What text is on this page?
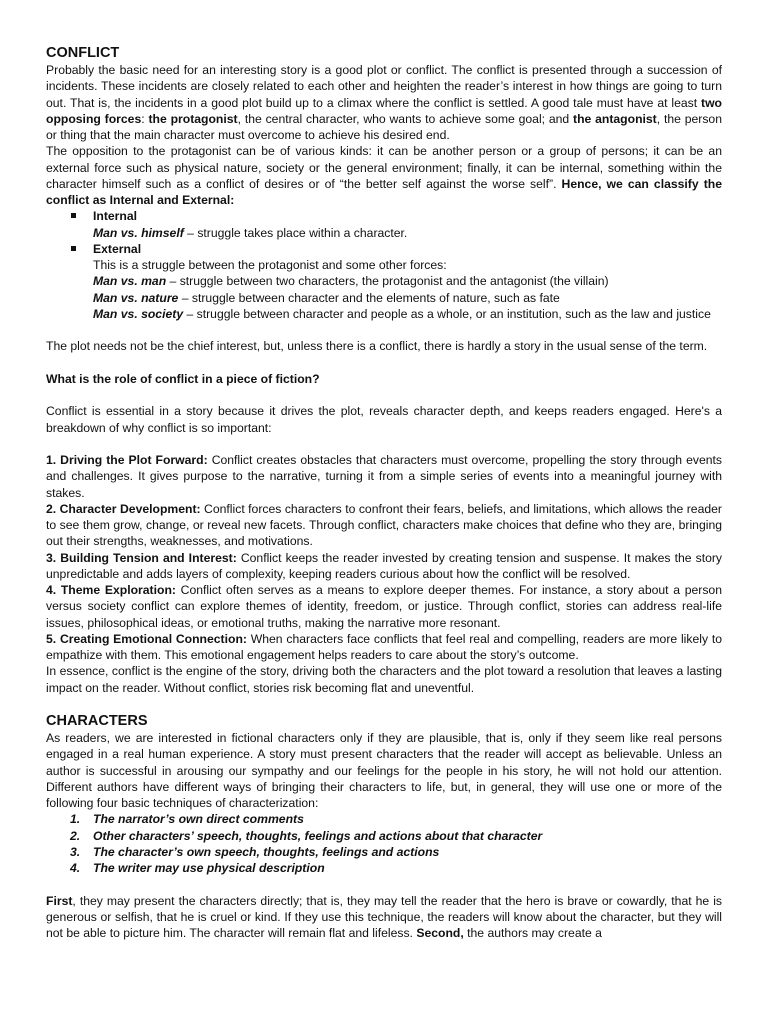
CONFLICT

Probably the basic need for an interesting story is a good plot or conflict. The conflict is presented through a succession of incidents. These incidents are closely related to each other and heighten the reader’s interest in how things are going to turn out. That is, the incidents in a good plot build up to a climax where the conflict is settled. A good tale must have at least two opposing forces: the protagonist, the central character, who wants to achieve some goal; and the antagonist, the person or thing that the main character must overcome to achieve his desired end.

The opposition to the protagonist can be of various kinds: it can be another person or a group of persons; it can be an external force such as physical nature, society or the general environment; finally, it can be internal, something within the character himself such as a conflict of desires or of “the better self against the worse self”. Hence, we can classify the conflict as Internal and External:

Internal
Man vs. himself – struggle takes place within a character.
External
This is a struggle between the protagonist and some other forces:
Man vs. man – struggle between two characters, the protagonist and the antagonist (the villain)
Man vs. nature – struggle between character and the elements of nature, such as fate
Man vs. society – struggle between character and people as a whole, or an institution, such as the law and justice

The plot needs not be the chief interest, but, unless there is a conflict, there is hardly a story in the usual sense of the term.

What is the role of conflict in a piece of fiction?

Conflict is essential in a story because it drives the plot, reveals character depth, and keeps readers engaged. Here's a breakdown of why conflict is so important:

1. Driving the Plot Forward: Conflict creates obstacles that characters must overcome, propelling the story through events and challenges. It gives purpose to the narrative, turning it from a simple series of events into a meaningful journey with stakes.

2. Character Development: Conflict forces characters to confront their fears, beliefs, and limitations, which allows the reader to see them grow, change, or reveal new facets. Through conflict, characters make choices that define who they are, bringing out their strengths, weaknesses, and motivations.

3. Building Tension and Interest: Conflict keeps the reader invested by creating tension and suspense. It makes the story unpredictable and adds layers of complexity, keeping readers curious about how the conflict will be resolved.

4. Theme Exploration: Conflict often serves as a means to explore deeper themes. For instance, a story about a person versus society conflict can explore themes of identity, freedom, or justice. Through conflict, stories can address real-life issues, philosophical ideas, or emotional truths, making the narrative more resonant.

5. Creating Emotional Connection: When characters face conflicts that feel real and compelling, readers are more likely to empathize with them. This emotional engagement helps readers to care about the story’s outcome.

In essence, conflict is the engine of the story, driving both the characters and the plot toward a resolution that leaves a lasting impact on the reader. Without conflict, stories risk becoming flat and uneventful.

CHARACTERS

As readers, we are interested in fictional characters only if they are plausible, that is, only if they seem like real persons engaged in a real human experience. A story must present characters that the reader will accept as believable. Unless an author is successful in arousing our sympathy and our feelings for the people in his story, he will not hold our attention. Different authors have different ways of bringing their characters to life, but, in general, they will use one or more of the following four basic techniques of characterization:

1. The narrator’s own direct comments
2. Other characters’ speech, thoughts, feelings and actions about that character
3. The character’s own speech, thoughts, feelings and actions
4. The writer may use physical description

First, they may present the characters directly; that is, they may tell the reader that the hero is brave or cowardly, that he is generous or selfish, that he is cruel or kind. If they use this technique, the readers will know about the character, but they will not be able to picture him. The character will remain flat and lifeless. Second, the authors may create a
